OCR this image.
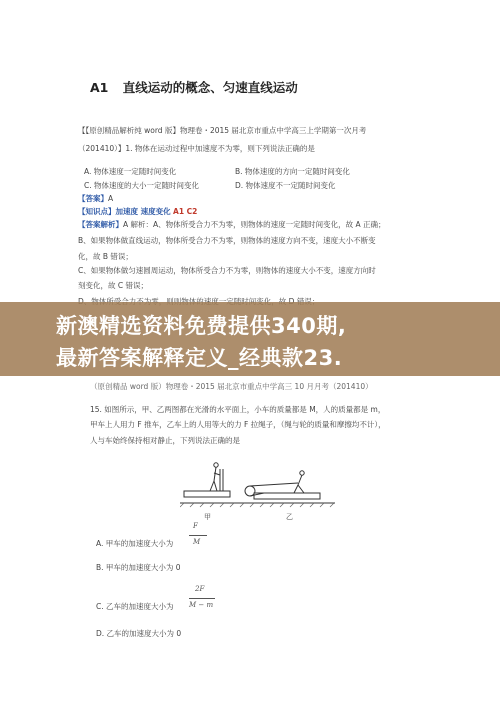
A1 直线运动的概念、匀速直线运动
【【原创精品解析纯 word 版】物理卷・2015 届北京市重点中学高三上学期第一次月考
（201410）】1. 物体在运动过程中加速度不为零，则下列说法正确的是
A. 物体速度一定随时间变化	B. 物体速度的方向一定随时间变化
C. 物体速度的大小一定随时间变化	D. 物体速度不一定随时间变化
【答案】A
【知识点】加速度 速度变化 A1 C2
【答案解析】A 解析：A、物体所受合力不为零，则物体的速度一定随时间变化，故 A 正确；
B、如果物体做直线运动，物体所受合力不为零，则物体的速度方向不变，速度大小不断变
化，故 B 错误；
C、如果物体做匀速圆周运动，物体所受合力不为零，则物体的速度大小不变，速度方向时
刻变化，故 C 错误；
新澳精选资料免费提供340期,
最新答案解释定义_经典款23.
（原创精品 word 版）物理卷・2015 届北京市重点中学高三 10 月月考（201410）
15. 如图所示，甲、乙两图都在光滑的水平面上，小车的质量都是 M，人的质量都是 m，
甲车上人用力 F 推车，乙车上的人用等大的力 F 拉绳子，（绳与轮的质量和摩擦均不计），
人与车始终保持相对静止，下列说法正确的是
甲	乙
A. 甲车的加速度大小为
F
M
B. 甲车的加速度大小为 0
C. 乙车的加速度大小为
2F
M − m
D. 乙车的加速度大小为 0
